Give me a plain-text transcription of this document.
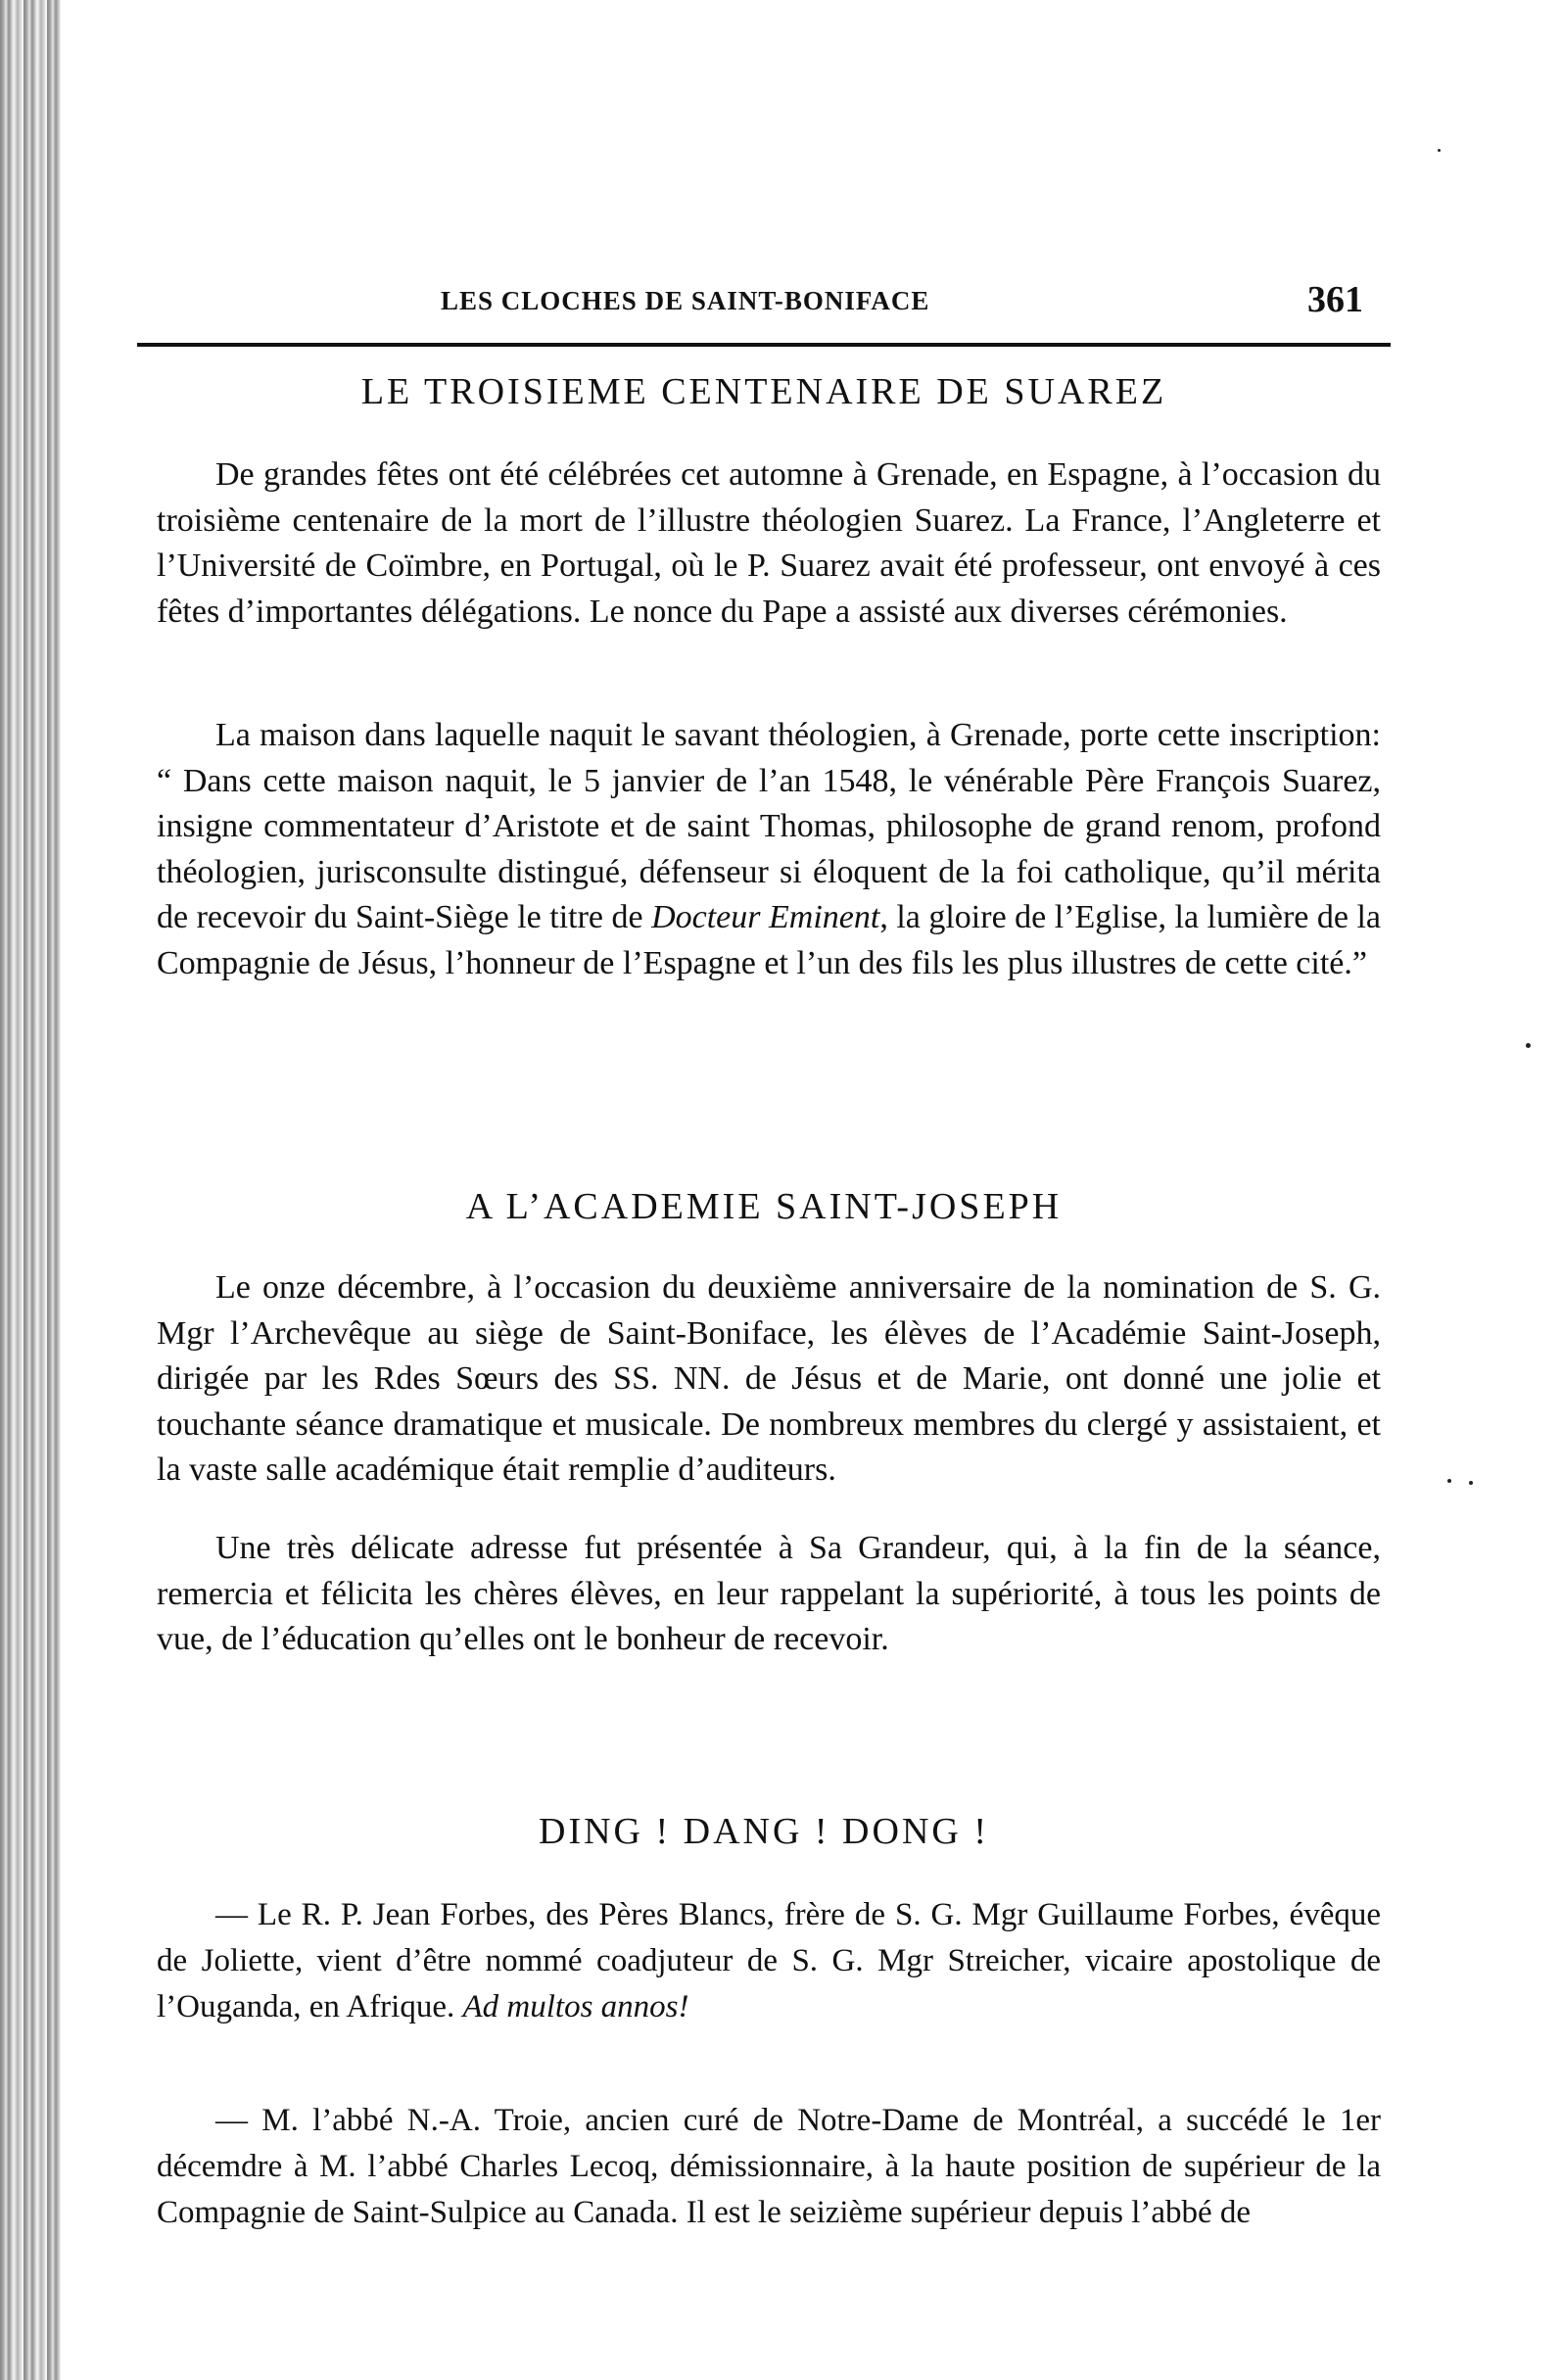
LES CLOCHES DE SAINT-BONIFACE	361
LE TROISIEME CENTENAIRE DE SUAREZ

De grandes fêtes ont été célébrées cet automne à Grenade, en Espagne, à l’occasion du troisième centenaire de la mort de l’illustre théologien Suarez. La France, l’Angleterre et l’Université de Coïmbre, en Portugal, où le P. Suarez avait été professeur, ont envoyé à ces fêtes d’importantes délégations. Le nonce du Pape a assisté aux diverses cérémonies.

La maison dans laquelle naquit le savant théologien, à Grenade, porte cette inscription: “ Dans cette maison naquit, le 5 janvier de l’an 1548, le vénérable Père François Suarez, insigne commentateur d’Aristote et de saint Thomas, philosophe de grand renom, profond théologien, jurisconsulte distingué, défenseur si éloquent de la foi catholique, qu’il mérita de recevoir du Saint-Siège le titre de Docteur Eminent, la gloire de l’Eglise, la lumière de la Compagnie de Jésus, l’honneur de l’Espagne et l’un des fils les plus illustres de cette cité.”

A L’ACADEMIE SAINT-JOSEPH

Le onze décembre, à l’occasion du deuxième anniversaire de la nomination de S. G. Mgr l’Archevêque au siège de Saint-Boniface, les élèves de l’Académie Saint-Joseph, dirigée par les Rdes Sœurs des SS. NN. de Jésus et de Marie, ont donné une jolie et touchante séance dramatique et musicale. De nombreux membres du clergé y assistaient, et la vaste salle académique était remplie d’auditeurs.

Une très délicate adresse fut présentée à Sa Grandeur, qui, à la fin de la séance, remercia et félicita les chères élèves, en leur rappelant la supériorité, à tous les points de vue, de l’éducation qu’elles ont le bonheur de recevoir.

DING ! DANG ! DONG !

— Le R. P. Jean Forbes, des Pères Blancs, frère de S. G. Mgr Guillaume Forbes, évêque de Joliette, vient d’être nommé coadjuteur de S. G. Mgr Streicher, vicaire apostolique de l’Ouganda, en Afrique. Ad multos annos!

— M. l’abbé N.-A. Troie, ancien curé de Notre-Dame de Montréal, a succédé le 1er décemdre à M. l’abbé Charles Lecoq, démissionnaire, à la haute position de supérieur de la Compagnie de Saint-Sulpice au Canada. Il est le seizième supérieur depuis l’abbé de
